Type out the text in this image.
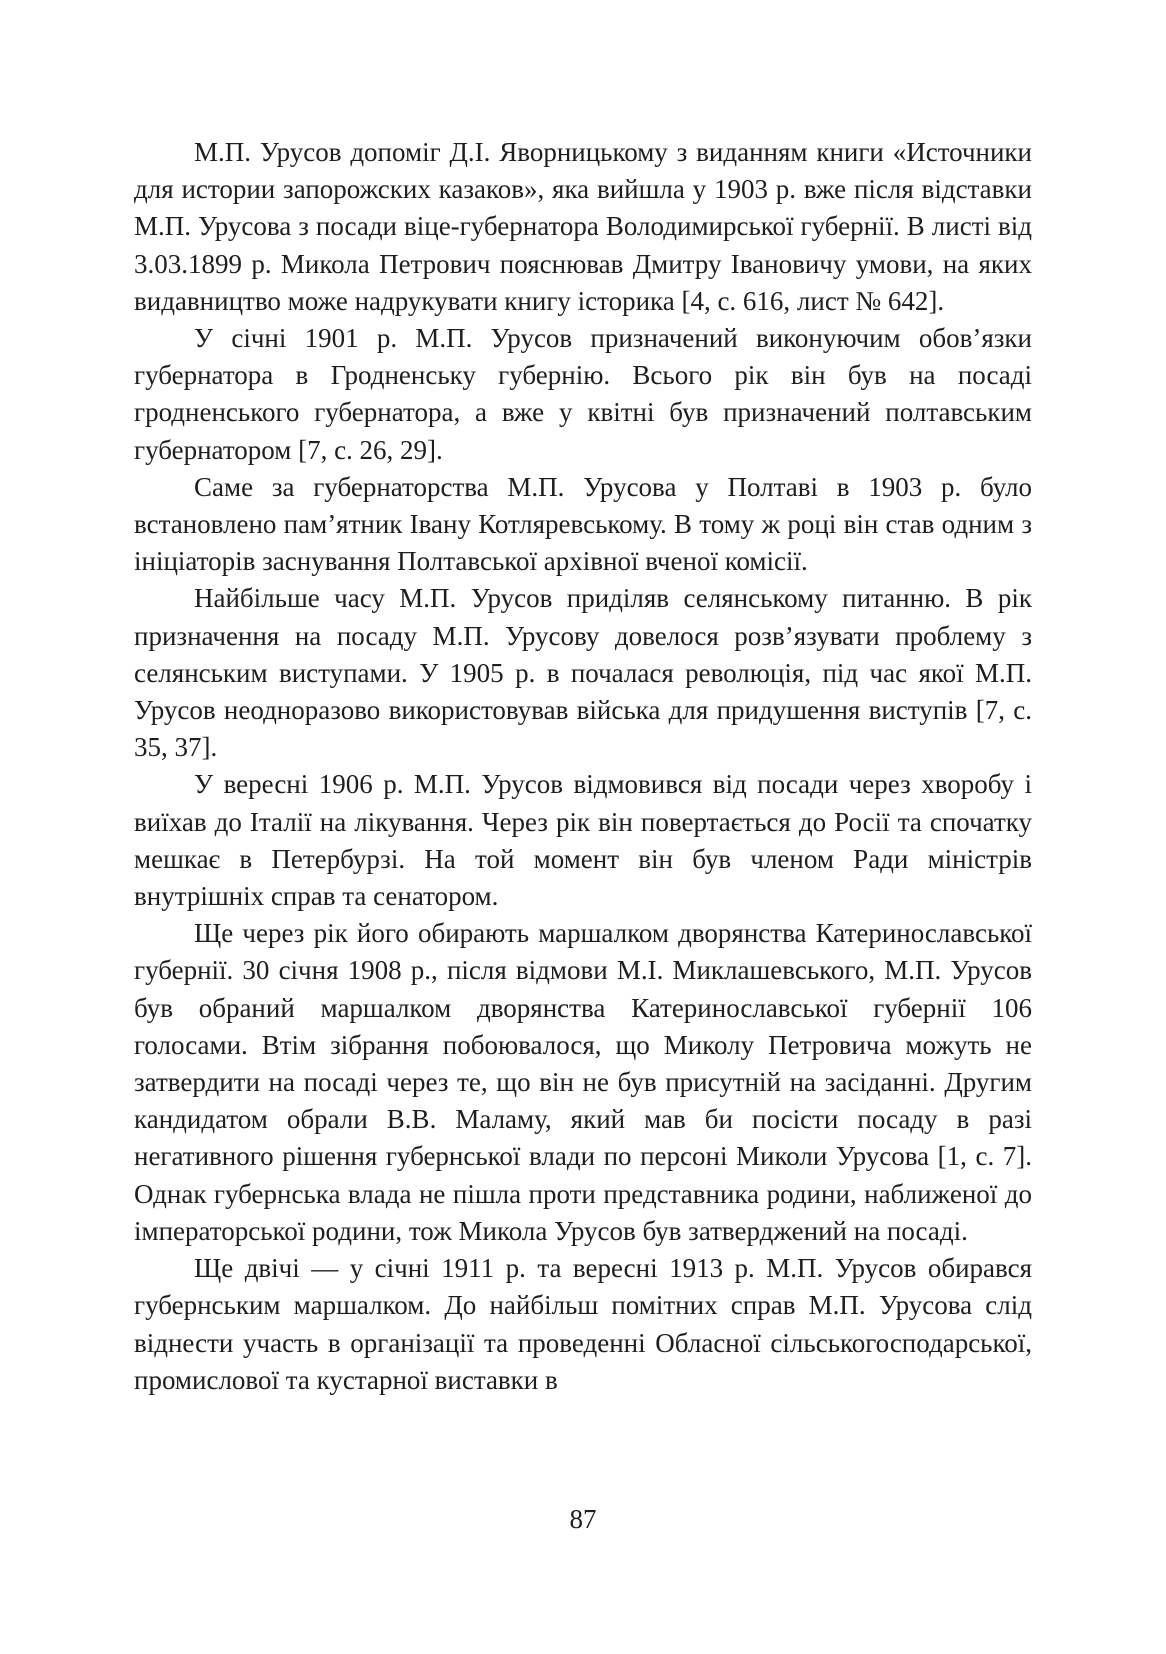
М.П. Урусов допоміг Д.І. Яворницькому з виданням книги «Источники для истории запорожских казаков», яка вийшла у 1903 р. вже після відставки М.П. Урусова з посади віце-губернатора Володимирської губернії. В листі від 3.03.1899 р. Микола Петрович пояснював Дмитру Івановичу умови, на яких видавництво може надрукувати книгу історика [4, с. 616, лист № 642].

У січні 1901 р. М.П. Урусов призначений виконуючим обов’язки губернатора в Гродненську губернію. Всього рік він був на посаді гродненського губернатора, а вже у квітні був призначений полтавським губернатором [7, с. 26, 29].

Саме за губернаторства М.П. Урусова у Полтаві в 1903 р. було встановлено пам’ятник Івану Котляревському. В тому ж році він став одним з ініціаторів заснування Полтавської архівної вченої комісії.

Найбільше часу М.П. Урусов приділяв селянському питанню. В рік призначення на посаду М.П. Урусову довелося розв’язувати проблему з селянським виступами. У 1905 р. в почалася революція, під час якої М.П. Урусов неодноразово використовував війська для придушення виступів [7, с. 35, 37].

У вересні 1906 р. М.П. Урусов відмовився від посади через хворобу і виїхав до Італії на лікування. Через рік він повертається до Росії та спочатку мешкає в Петербурзі. На той момент він був членом Ради міністрів внутрішніх справ та сенатором.

Ще через рік його обирають маршалком дворянства Катеринославської губернії. 30 січня 1908 р., після відмови М.І. Миклашевського, М.П. Урусов був обраний маршалком дворянства Катеринославської губернії 106 голосами. Втім зібрання побоювалося, що Миколу Петровича можуть не затвердити на посаді через те, що він не був присутній на засіданні. Другим кандидатом обрали В.В. Маламу, який мав би посісти посаду в разі негативного рішення губернської влади по персоні Миколи Урусова [1, с. 7]. Однак губернська влада не пішла проти представника родини, наближеної до імператорської родини, тож Микола Урусов був затверджений на посаді.

Ще двічі — у січні 1911 р. та вересні 1913 р. М.П. Урусов обирався губернським маршалком. До найбільш помітних справ М.П. Урусова слід віднести участь в організації та проведенні Обласної сільськогосподарської, промислової та кустарної виставки в

87
